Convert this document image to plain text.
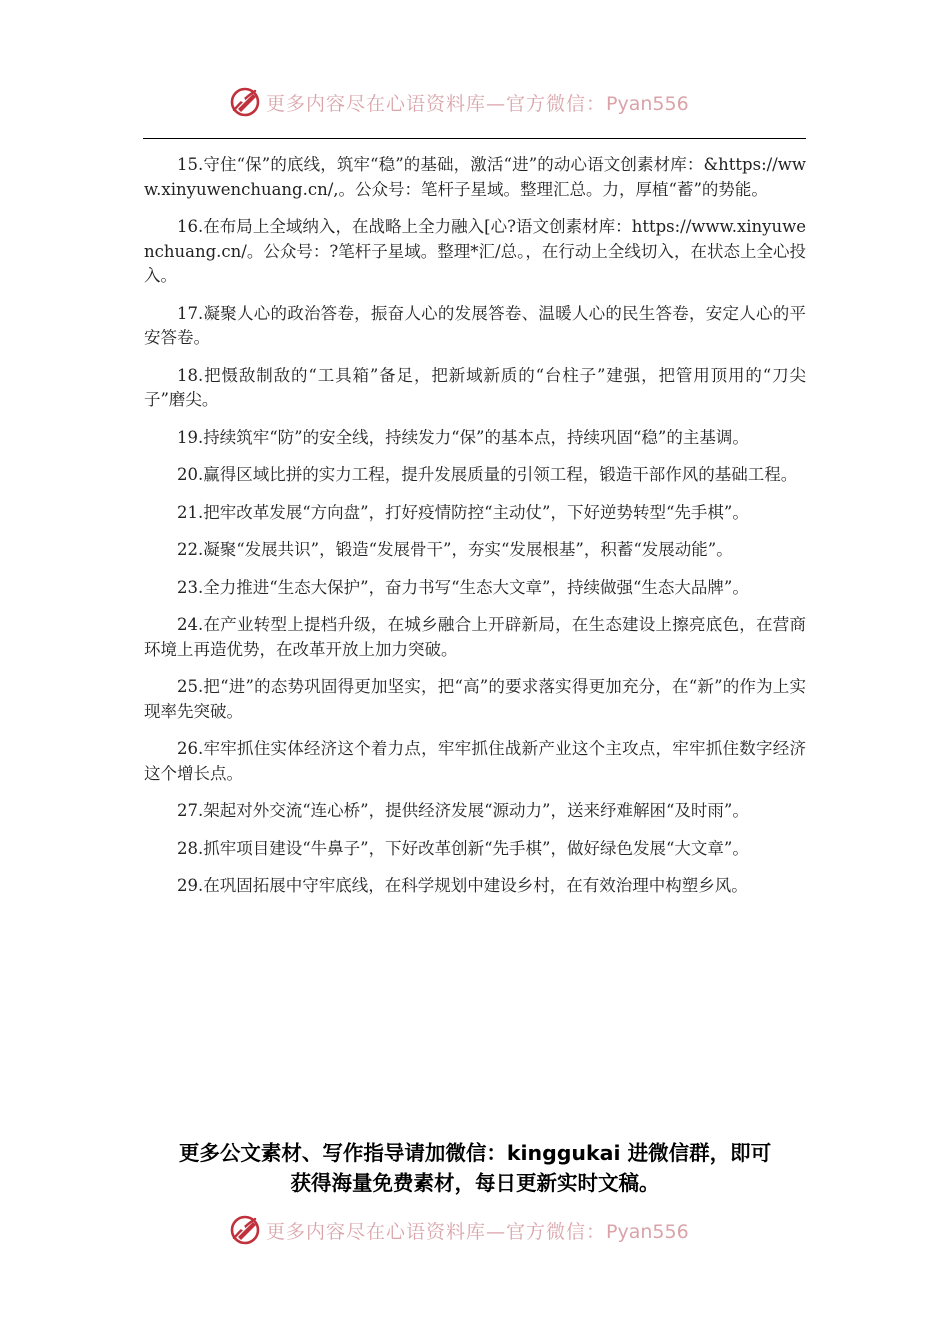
更多内容尽在心语资料库—官方微信：Pyan556

15.守住“保”的底线，筑牢“稳”的基础，激活“进”的动心语文创素材库：&https://www.xinyuwenchuang.cn/,。公众号：笔杆子星域。整理汇总。力，厚植“蓄”的势能。

16.在布局上全域纳入，在战略上全力融入[心?语文创素材库：https://www.xinyuwenchuang.cn/。公众号：?笔杆子星域。整理*汇/总。，在行动上全线切入，在状态上全心投入。

17.凝聚人心的政治答卷，振奋人心的发展答卷、温暖人心的民生答卷，安定人心的平安答卷。

18.把慑敌制敌的“工具箱”备足，把新域新质的“台柱子”建强，把管用顶用的“刀尖子”磨尖。

19.持续筑牢“防”的安全线，持续发力“保”的基本点，持续巩固“稳”的主基调。

20.赢得区域比拼的实力工程，提升发展质量的引领工程，锻造干部作风的基础工程。

21.把牢改革发展“方向盘”，打好疫情防控“主动仗”，下好逆势转型“先手棋”。

22.凝聚“发展共识”，锻造“发展骨干”，夯实“发展根基”，积蓄“发展动能”。

23.全力推进“生态大保护”，奋力书写“生态大文章”，持续做强“生态大品牌”。

24.在产业转型上提档升级，在城乡融合上开辟新局，在生态建设上擦亮底色，在营商环境上再造优势，在改革开放上加力突破。

25.把“进”的态势巩固得更加坚实，把“高”的要求落实得更加充分，在“新”的作为上实现率先突破。

26.牢牢抓住实体经济这个着力点，牢牢抓住战新产业这个主攻点，牢牢抓住数字经济这个增长点。

27.架起对外交流“连心桥”，提供经济发展“源动力”，送来纾难解困“及时雨”。

28.抓牢项目建设“牛鼻子”，下好改革创新“先手棋”，做好绿色发展“大文章”。

29.在巩固拓展中守牢底线，在科学规划中建设乡村，在有效治理中构塑乡风。

更多公文素材、写作指导请加微信：kinggukai 进微信群，即可

获得海量免费素材，每日更新实时文稿。

更多内容尽在心语资料库—官方微信：Pyan556
